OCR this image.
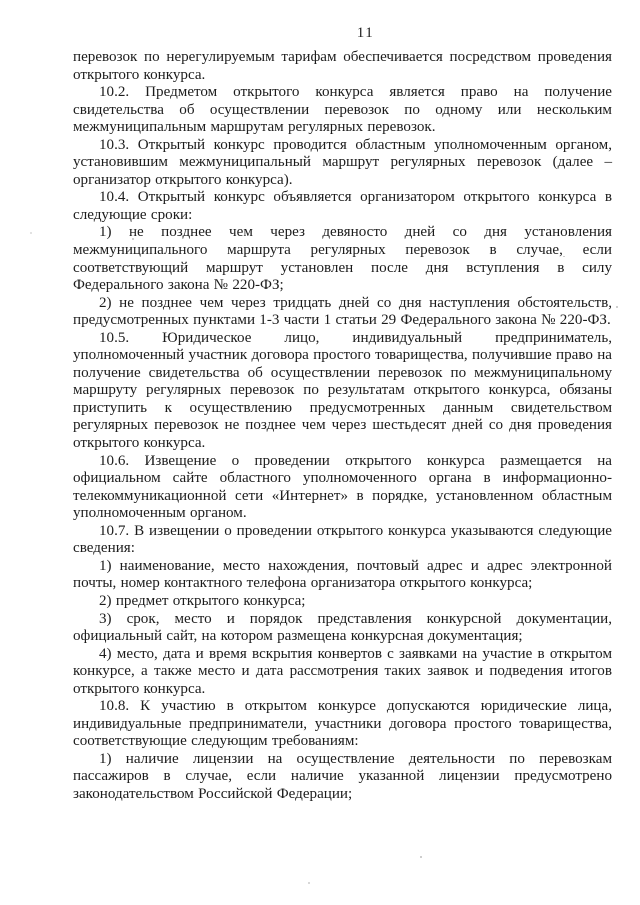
11

перевозок по нерегулируемым тарифам обеспечивается посредством проведения открытого конкурса.

10.2. Предметом открытого конкурса является право на получение свидетельства об осуществлении перевозок по одному или нескольким межмуниципальным маршрутам регулярных перевозок.

10.3. Открытый конкурс проводится областным уполномоченным органом, установившим межмуниципальный маршрут регулярных перевозок (далее – организатор открытого конкурса).

10.4. Открытый конкурс объявляется организатором открытого конкурса в следующие сроки:

1) не позднее чем через девяносто дней со дня установления межмуниципального маршрута регулярных перевозок в случае, если соответствующий маршрут установлен после дня вступления в силу Федерального закона № 220-ФЗ;

2) не позднее чем через тридцать дней со дня наступления обстоятельств, предусмотренных пунктами 1-3 части 1 статьи 29 Федерального закона № 220-ФЗ.

10.5. Юридическое лицо, индивидуальный предприниматель, уполномоченный участник договора простого товарищества, получившие право на получение свидетельства об осуществлении перевозок по межмуниципальному маршруту регулярных перевозок по результатам открытого конкурса, обязаны приступить к осуществлению предусмотренных данным свидетельством регулярных перевозок не позднее чем через шестьдесят дней со дня проведения открытого конкурса.

10.6. Извещение о проведении открытого конкурса размещается на официальном сайте областного уполномоченного органа в информационно-телекоммуникационной сети «Интернет» в порядке, установленном областным уполномоченным органом.

10.7. В извещении о проведении открытого конкурса указываются следующие сведения:

1) наименование, место нахождения, почтовый адрес и адрес электронной почты, номер контактного телефона организатора открытого конкурса;

2) предмет открытого конкурса;

3) срок, место и порядок представления конкурсной документации, официальный сайт, на котором размещена конкурсная документация;

4) место, дата и время вскрытия конвертов с заявками на участие в открытом конкурсе, а также место и дата рассмотрения таких заявок и подведения итогов открытого конкурса.

10.8. К участию в открытом конкурсе допускаются юридические лица, индивидуальные предприниматели, участники договора простого товарищества, соответствующие следующим требованиям:

1) наличие лицензии на осуществление деятельности по перевозкам пассажиров в случае, если наличие указанной лицензии предусмотрено законодательством Российской Федерации;
